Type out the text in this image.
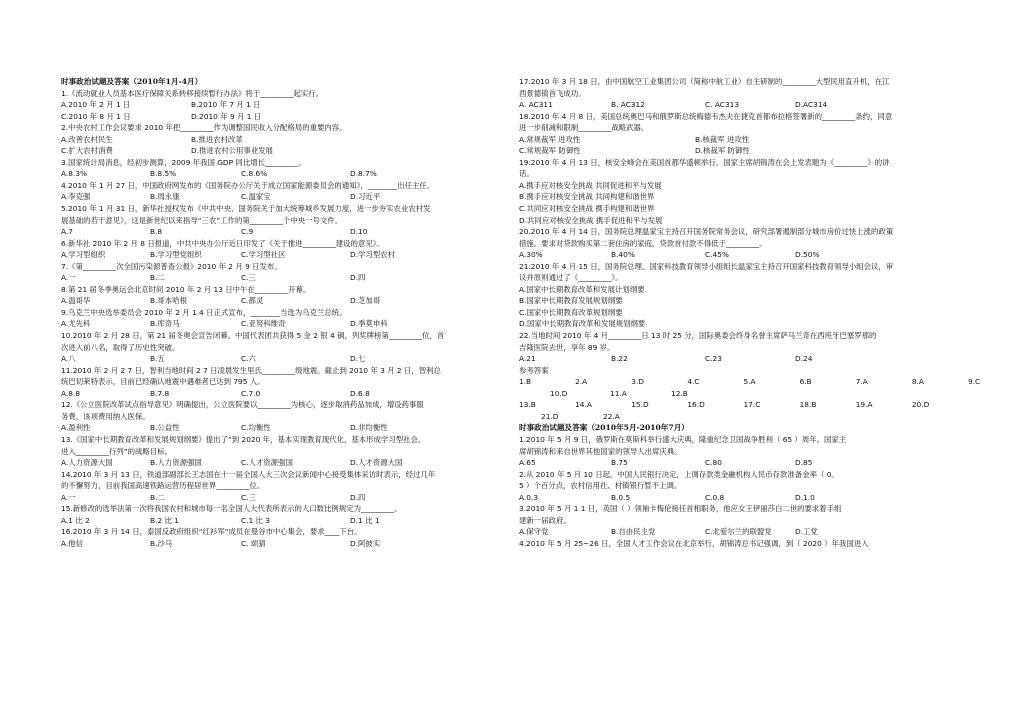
时事政治试题及答案（2010年1月-4月）
1.《流动就业人员基本医疗保障关系转移接续暂行办法》将于_________起实行。
A.2010 年 2 月 1 日	B.2010 年 7 月 1 日
C.2010 年 8 月 1 日	D.2010 年 9 月 1 日
2.中央农村工作会议要求 2010 年把_________作为调整国民收入分配格局的重要内容。
A.改善农村民生	B.推进农村改革
C.扩大农村消费	D.推进农村公用事业发展
3.国家统计局消息，经初步测算，2009 年我国 GDP 同比增长_________。
A.8.3%	B.8.5%	C.8.6%	D.8.7%
4.2010 年 1 月 27 日，中国政府网发布的《国务院办公厅关于成立国家能源委员会的通知》，________出任主任。
A.李克强	B.周永康	C.温家宝	D.习近平
5.2010 年 1 月 31 日，新华社授权发布《中共中央、国务院关于加大统筹城乡发展力度，进一步夯实农业农村发
展基础的若干意见》，这是新世纪以来指导“三农”工作的第_________个中央一号文件。
A.7	B.8	C.9	D.10
6.新华社 2010 年 2 月 8 日报道，中共中央办公厅近日印发了《关于推进_________建设的意见》。
A.学习型组织	B.学习型党组织	C.学习型社区	D.学习型农村
7.《第_________次全国污染源普查公报》2010 年 2 月 9 日发布。
A.一	B.二	C.三	D.四
8.第 21 届冬季奥运会北京时间 2010 年 2 月 13 日中午在_________开幕。
A.温哥华	B.哥本哈根	C.都灵	D.芝加哥
9.乌克兰中央选举委员会 2010 年 2 月 1 4 日正式宣布，________当选为乌克兰总统。
A.尤先科	B.库奇马	C.亚努科维奇	D.季莫申科
10.2010 年 2 月 28 日，第 21 届冬奥会宣告闭幕。中国代表团共获得 5 金 2 银 4 铜，列奖牌榜第_________位，首
次进入前八名，取得了历史性突破。
A.八	B.五	C.六	D.七
11.2010 年 2 月 2 7 日，智利当地时间 2 7 日凌晨发生里氏_________级地震。截止到 2010 年 3 月 2 日，智利总
统巴切莱特表示，目前已经确认地震中遇难者已达到 795 人。
A.8.8	B.7.8	C.7.0	D.6.8
12.《公立医院改革试点指导意见》明确提出，公立医院要以_________为核心，逐步取消药品加成，增设药事服
务费，该项费用纳入医保。
A.盈利性	B.公益性	C.均衡性	D.非均衡性
13.《国家中长期教育改革和发展规划纲要》提出了“到 2020 年，基本实现教育现代化，基本形成学习型社会，
进入_________行列”的战略目标。
A.人力资源大国	B.人力资源强国	C.人才资源强国	D.人才资源大国
14.2010 年 3 月 13 日，铁道部副部长王志国在十一届全国人大三次会议新闻中心接受集体采访时表示，经过几年
的不懈努力，目前我国高速铁路运营历程居世界_________位。
A.一	B.二	C.三	D.四
15.新修改的选举法第一次将我国农村和城市每一名全国人大代表所表示的人口数比例规定为_________。
A.1 比 2	B.2 比 1	C.1 比 3	D.1 比 1
16.2010 年 3 月 14 日，泰国反政府组织“红衫军”成员在曼谷市中心集会，要求____下台。
A.他信	B.沙马	C. 颂猜	D.阿披实
17.2010 年 3 月 18 日，由中国航空工业集团公司（简称中航工业）自主研制的_________大型民用直升机，在江
西景德镇首飞成功。
A. AC311	B. AC312	C. AC313	D.AC314
18.2010 年 4 月 8 日，美国总统奥巴马和俄罗斯总统梅德韦杰夫在捷克首都布拉格签署新的_________条约，同意
进一步削减和限制_________战略武器。
A.常规裁军 进攻性	B.核裁军 进攻性
C.常规裁军 防御性	D.核裁军 防御性
19.2010 年 4 月 13 日，核安全峰会在美国首都华盛顿举行，国家主席胡锦涛在会上发表题为《_________》的讲
话。
A.携手应对核安全挑战 共同促进和平与发展
B.携手应对核安全挑战 共同构建和谐世界
C.共同应对核安全挑战 携手构建和谐世界
D.共同应对核安全挑战 携手促进和平与发展
20.2010 年 4 月 14 日，国务院总理温家宝主持召开国务院常务会议，研究部署遏制部分城市房价过快上涨的政策
措施。要求对贷款购买第二套住房的家庭，贷款首付款不得低于_________。
A.30%	B.40%	C.45%	D.50%
21.2010 年 4 月 15 日，国务院总理、国家科技教育领导小组组长温家宝主持召开国家科技教育领导小组会议，审
议并原则通过了《_________》。
A.国家中长期教育改革和发展计划纲要
B.国家中长期教育发展规划纲要
C.国家中长期教育改革规划纲要
D.国家中长期教育改革和发展规划纲要
22.当地时间 2010 年 4 月_________日 13 时 25 分，国际奥委会终身名誉主席萨马兰奇在西班牙巴塞罗那的
吉隆医院去世，享年 89 岁。
A.21	B.22	C.23	D.24
参考答案
1.B	2.A	3.D	4.C	5.A	6.B	7.A	8.A	9.C
10.D	11.A	12.B
13.B	14.A	15.D	16.D	17.C	18.B	19.A	20.D
21.D	22.A
时事政治试题及答案（2010年5月-2010年7月）
1.2010 年 5 月 9 日，俄罗斯在莫斯科举行盛大庆典，隆重纪念卫国战争胜利（ 65 ）周年。国家主
席胡锦涛和来自世界其他国家的领导人出席庆典。
A.65	B.75	C.80	D.85
2.从 2010 年 5 月 10 日起，中国人民银行决定，上调存款类金融机构人民币存款准备金率（ 0。
5 ）个百分点，农村信用社、村镇银行暂不上调。
A.0.3	B.0.5	C.0.8	D.1.0
3.2010 年 5 月 1 1 日，英国（ ）领袖卡梅伦接任首相职务，他应女王伊丽莎白二世的要求着手组
建新一届政府。
A.保守党	B.自由民主党	C.北爱尔兰的联盟党	D.工党
4.2010 年 5 月 25~26 日，全国人才工作会议在北京举行，胡锦涛总书记强调，到（ 2020 ）年我国进入
